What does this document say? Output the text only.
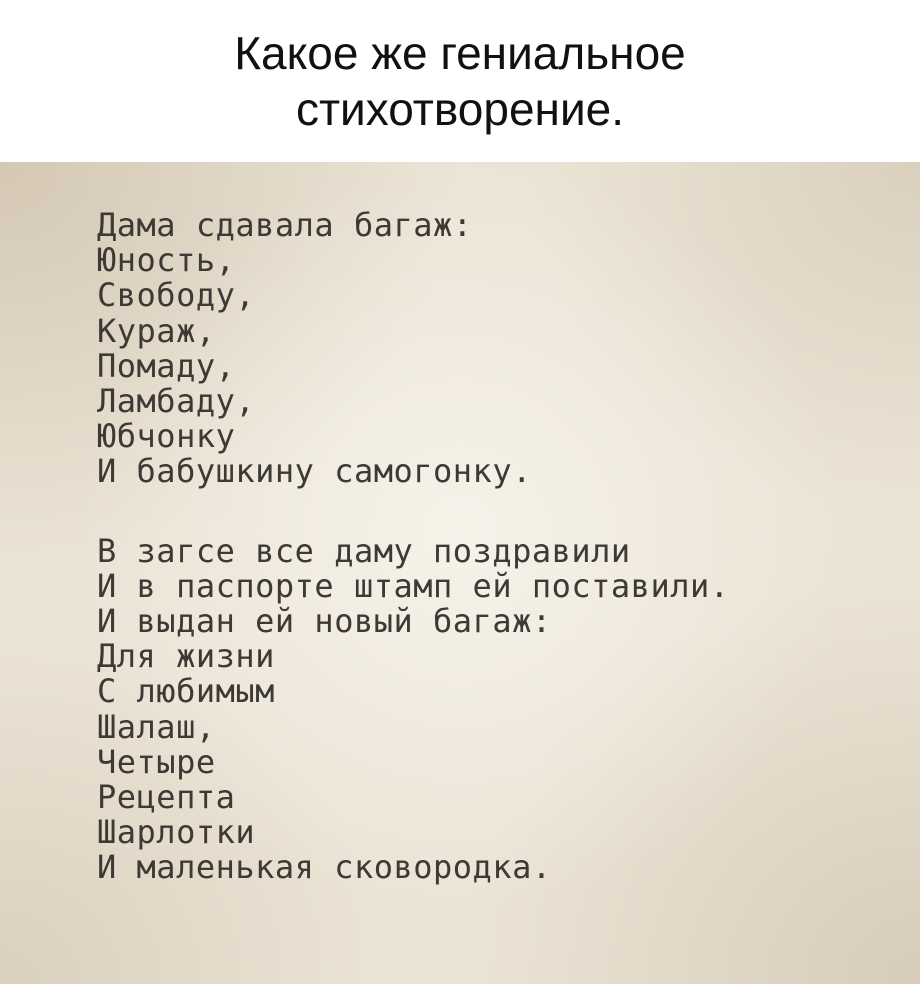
Какое же гениальное
стихотворение.
Дама сдавала багаж:
Юность,
Свободу,
Кураж,
Помаду,
Ламбаду,
Юбчонку
И бабушкину самогонку.
В загсе все даму поздравили
И в паспорте штамп ей поставили.
И выдан ей новый багаж:
Для жизни
С любимым
Шалаш,
Четыре
Рецепта
Шарлотки
И маленькая сковородка.
